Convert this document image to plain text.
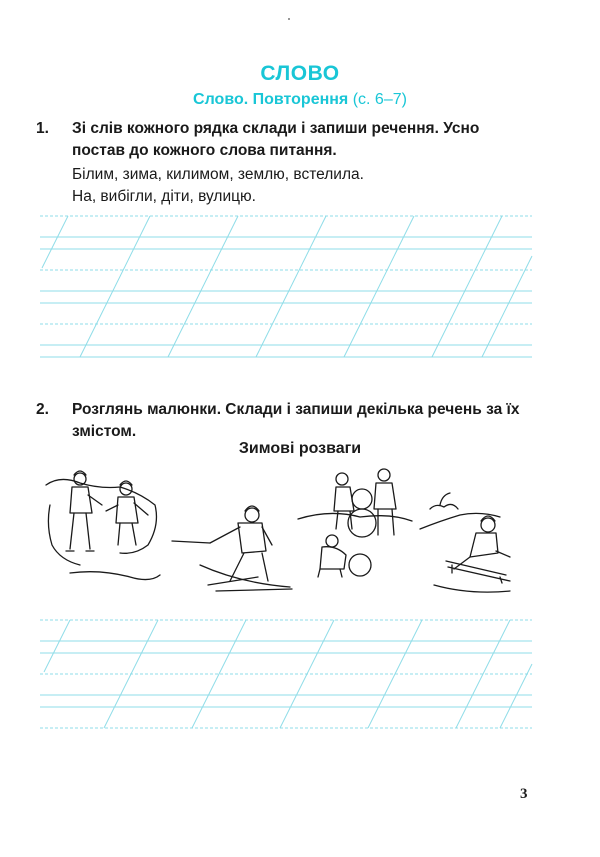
СЛОВО
Слово. Повторення (с. 6–7)
1. Зі слів кожного рядка склади і запиши речення. Усно постав до кожного слова питання.
Білим, зима, килимом, землю, встелила.
На, вибігли, діти, вулицю.
2. Розглянь малюнки. Склади і запиши декілька речень за їх змістом.
Зимові розваги
3
